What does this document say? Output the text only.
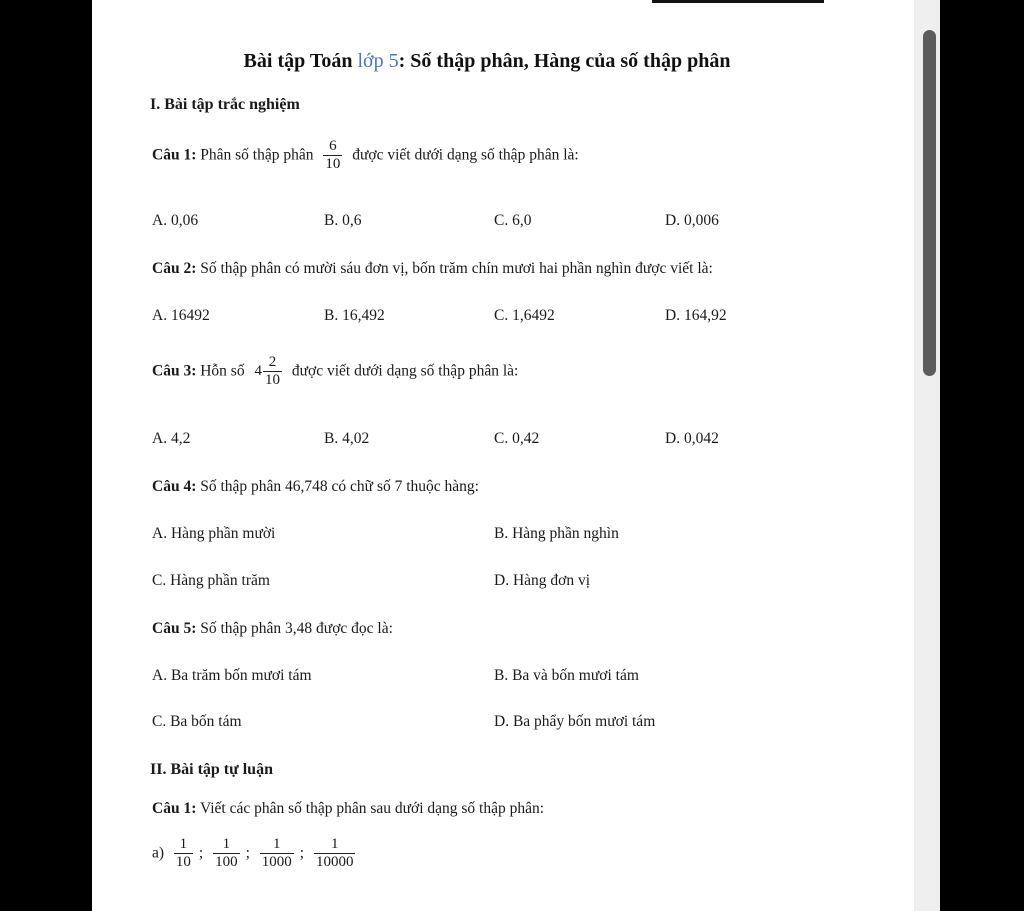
Bài tập Toán lớp 5: Số thập phân, Hàng của số thập phân
I. Bài tập trắc nghiệm
Câu 1: Phân số thập phân $\frac{6}{10}$ được viết dưới dạng số thập phân là:
A. 0,06	B. 0,6	C. 6,0	D. 0,006
Câu 2: Số thập phân có mười sáu đơn vị, bốn trăm chín mươi hai phần nghìn được viết là:
A. 16492	B. 16,492	C. 1,6492	D. 164,92
Câu 3: Hỗn số $4 \frac{2}{10}$ được viết dưới dạng số thập phân là:
A. 4,2	B. 4,02	C. 0,42	D. 0,042
Câu 4: Số thập phân 46,748 có chữ số 7 thuộc hàng:
A. Hàng phần mười	B. Hàng phần nghìn
C. Hàng phần trăm	D. Hàng đơn vị
Câu 5: Số thập phân 3,48 được đọc là:
A. Ba trăm bốn mươi tám	B. Ba và bốn mươi tám
C. Ba bốn tám	D. Ba phẩy bốn mươi tám
II. Bài tập tự luận
Câu 1: Viết các phân số thập phân sau dưới dạng số thập phân:
$a) \frac{1}{10}$ ; $\frac{1}{100}$ ; $\frac{1}{1000}$ ; $\frac{1}{10000}$
